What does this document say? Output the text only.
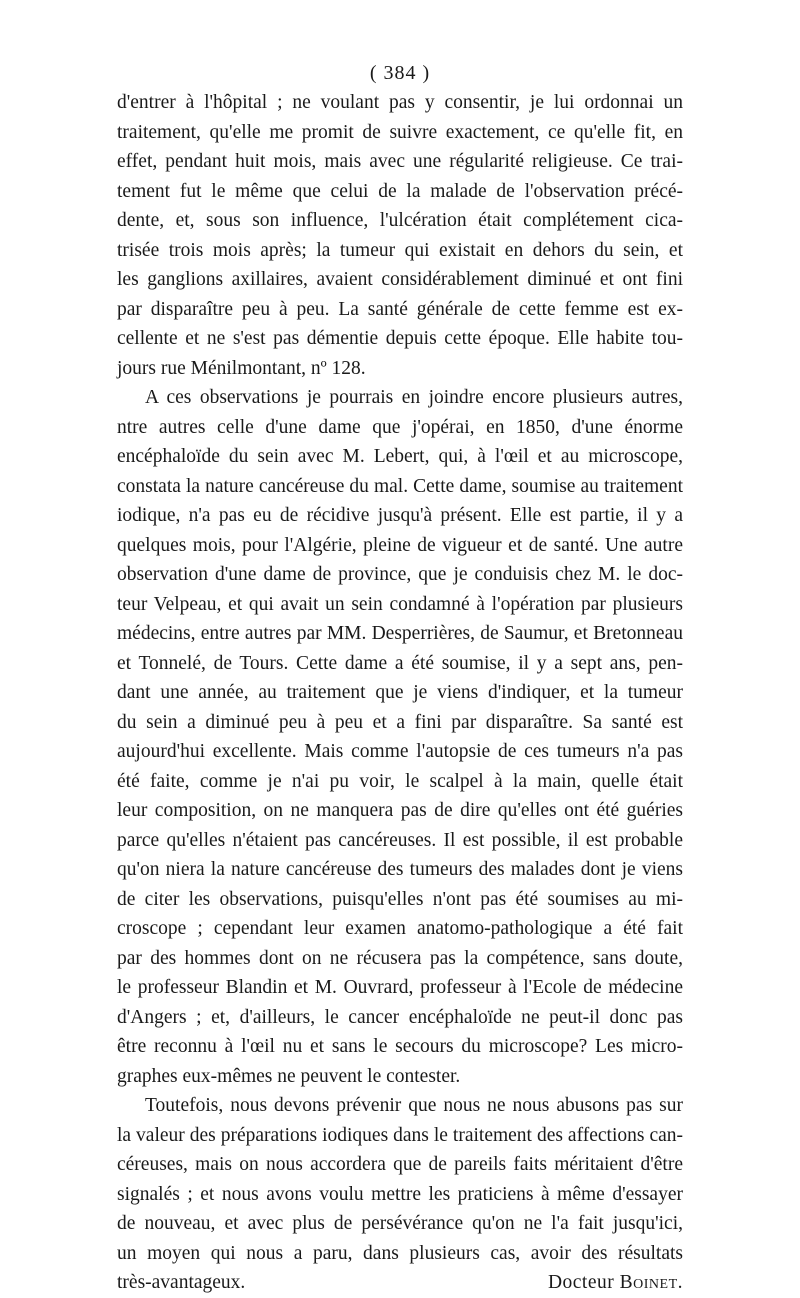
( 384 )
d'entrer à l'hôpital ; ne voulant pas y consentir, je lui ordonnai un
traitement, qu'elle me promit de suivre exactement, ce qu'elle fit, en
effet, pendant huit mois, mais avec une régularité religieuse. Ce trai-
tement fut le même que celui de la malade de l'observation précé-
dente, et, sous son influence, l'ulcération était complétement cica-
trisée trois mois après; la tumeur qui existait en dehors du sein, et
les ganglions axillaires, avaient considérablement diminué et ont fini
par disparaître peu à peu. La santé générale de cette femme est ex-
cellente et ne s'est pas démentie depuis cette époque. Elle habite tou-
jours rue Ménilmontant, nº 128.
A ces observations je pourrais en joindre encore plusieurs autres,
ntre autres celle d'une dame que j'opérai, en 1850, d'une énorme
encéphaloïde du sein avec M. Lebert, qui, à l'œil et au microscope,
constata la nature cancéreuse du mal. Cette dame, soumise au traitement
iodique, n'a pas eu de récidive jusqu'à présent. Elle est partie, il y a
quelques mois, pour l'Algérie, pleine de vigueur et de santé. Une autre
observation d'une dame de province, que je conduisis chez M. le doc-
teur Velpeau, et qui avait un sein condamné à l'opération par plusieurs
médecins, entre autres par MM. Desperrières, de Saumur, et Bretonneau
et Tonnelé, de Tours. Cette dame a été soumise, il y a sept ans, pen-
dant une année, au traitement que je viens d'indiquer, et la tumeur
du sein a diminué peu à peu et a fini par disparaître. Sa santé est
aujourd'hui excellente. Mais comme l'autopsie de ces tumeurs n'a pas
été faite, comme je n'ai pu voir, le scalpel à la main, quelle était
leur composition, on ne manquera pas de dire qu'elles ont été guéries
parce qu'elles n'étaient pas cancéreuses. Il est possible, il est probable
qu'on niera la nature cancéreuse des tumeurs des malades dont je viens
de citer les observations, puisqu'elles n'ont pas été soumises au mi-
croscope ; cependant leur examen anatomo-pathologique a été fait
par des hommes dont on ne récusera pas la compétence, sans doute,
le professeur Blandin et M. Ouvrard, professeur à l'Ecole de médecine
d'Angers ; et, d'ailleurs, le cancer encéphaloïde ne peut-il donc pas
être reconnu à l'œil nu et sans le secours du microscope? Les micro-
graphes eux-mêmes ne peuvent le contester.
Toutefois, nous devons prévenir que nous ne nous abusons pas sur
la valeur des préparations iodiques dans le traitement des affections can-
céreuses, mais on nous accordera que de pareils faits méritaient d'être
signalés ; et nous avons voulu mettre les praticiens à même d'essayer
de nouveau, et avec plus de persévérance qu'on ne l'a fait jusqu'ici,
un moyen qui nous a paru, dans plusieurs cas, avoir des résultats
très-avantageux.	Docteur Boinet.
